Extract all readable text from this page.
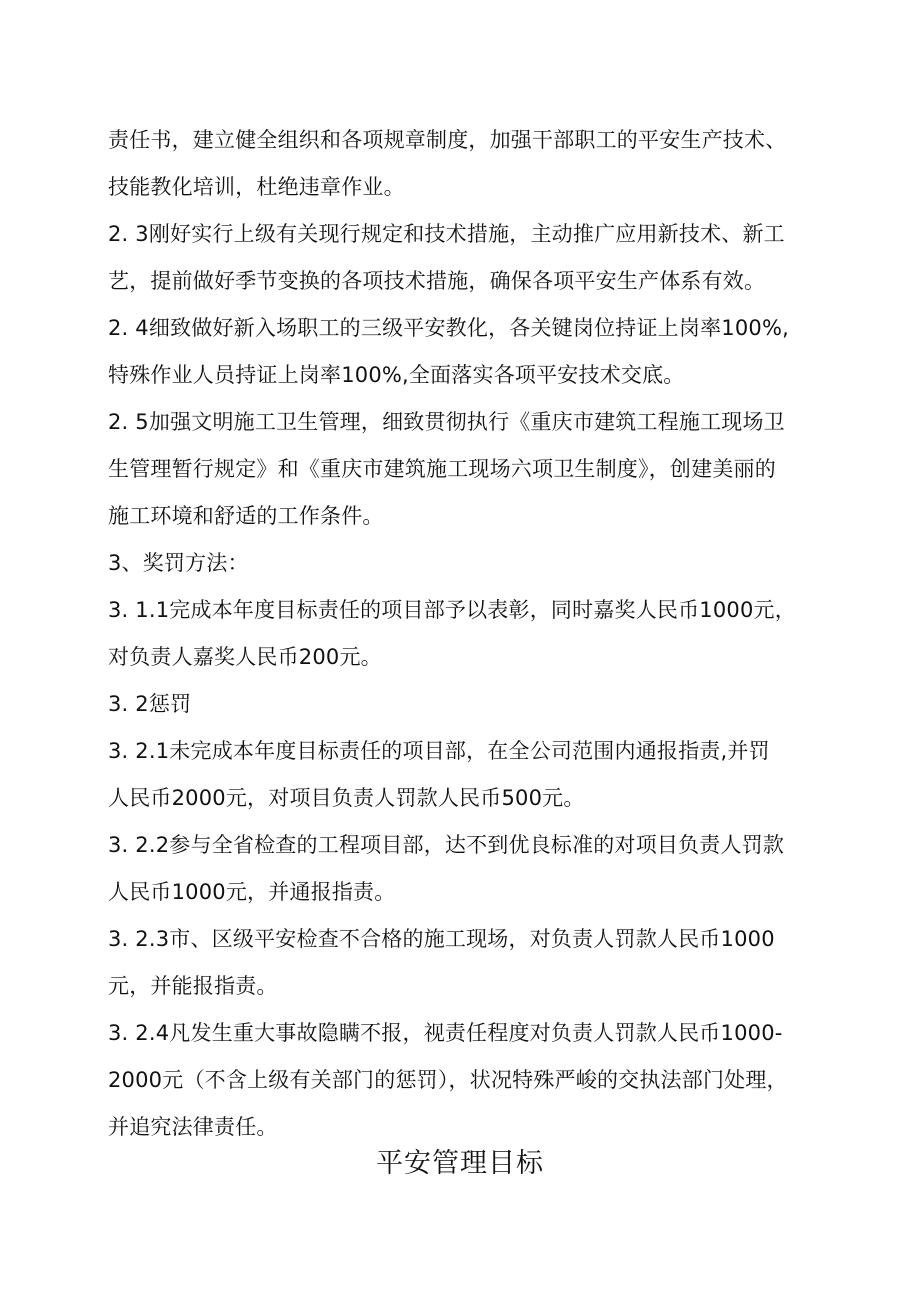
责任书，建立健全组织和各项规章制度，加强干部职工的平安生产技术、
技能教化培训，杜绝违章作业。
2. 3刚好实行上级有关现行规定和技术措施，主动推广应用新技术、新工
艺，提前做好季节变换的各项技术措施，确保各项平安生产体系有效。
2. 4细致做好新入场职工的三级平安教化，各关键岗位持证上岗率100%,
特殊作业人员持证上岗率100%,全面落实各项平安技术交底。
2. 5加强文明施工卫生管理，细致贯彻执行《重庆市建筑工程施工现场卫
生管理暂行规定》和《重庆市建筑施工现场六项卫生制度》，创建美丽的
施工环境和舒适的工作条件。
3、奖罚方法：
3. 1.1完成本年度目标责任的项目部予以表彰，同时嘉奖人民币1000元，
对负责人嘉奖人民币200元。
3. 2惩罚
3. 2.1未完成本年度目标责任的项目部，在全公司范围内通报指责,并罚
人民币2000元，对项目负责人罚款人民币500元。
3. 2.2参与全省检查的工程项目部，达不到优良标准的对项目负责人罚款
人民币1000元，并通报指责。
3. 2.3市、区级平安检查不合格的施工现场，对负责人罚款人民币1000
元，并能报指责。
3. 2.4凡发生重大事故隐瞒不报，视责任程度对负责人罚款人民币1000-
2000元（不含上级有关部门的惩罚），状况特殊严峻的交执法部门处理，
并追究法律责任。
平安管理目标
